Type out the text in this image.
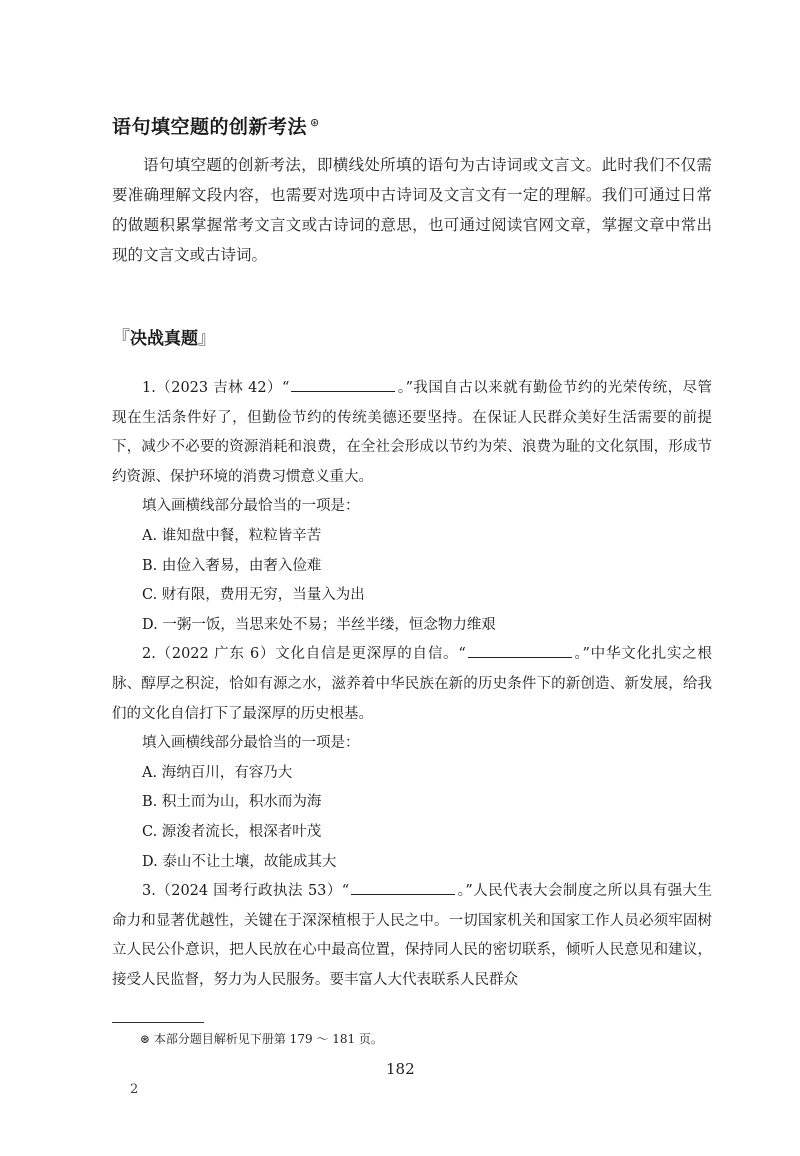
语句填空题的创新考法 ⊛

语句填空题的创新考法，即横线处所填的语句为古诗词或文言文。此时我们不仅需要准确理解文段内容，也需要对选项中古诗词及文言文有一定的理解。我们可通过日常的做题积累掌握常考文言文或古诗词的意思，也可通过阅读官网文章，掌握文章中常出现的文言文或古诗词。

『决战真题』

1.（2023 吉林 42）“	。”我国自古以来就有勤俭节约的光荣传统，尽管现在生活条件好了，但勤俭节约的传统美德还要坚持。在保证人民群众美好生活需要的前提下，减少不必要的资源消耗和浪费，在全社会形成以节约为荣、浪费为耻的文化氛围，形成节约资源、保护环境的消费习惯意义重大。

填入画横线部分最恰当的一项是：

A. 谁知盘中餐，粒粒皆辛苦

B. 由俭入奢易，由奢入俭难

C. 财有限，费用无穷，当量入为出

D. 一粥一饭，当思来处不易；半丝半缕，恒念物力维艰

2.（2022 广东 6）文化自信是更深厚的自信。“	。”中华文化扎实之根脉、醇厚之积淀，恰如有源之水，滋养着中华民族在新的历史条件下的新创造、新发展，给我们的文化自信打下了最深厚的历史根基。

填入画横线部分最恰当的一项是：

A. 海纳百川，有容乃大

B. 积土而为山，积水而为海

C. 源浚者流长，根深者叶茂

D. 泰山不让土壤，故能成其大

3.（2024 国考行政执法 53）“	。”人民代表大会制度之所以具有强大生命力和显著优越性，关键在于深深植根于人民之中。一切国家机关和国家工作人员必须牢固树立人民公仆意识，把人民放在心中最高位置，保持同人民的密切联系，倾听人民意见和建议，接受人民监督，努力为人民服务。要丰富人大代表联系人民群众

⊛ 本部分题目解析见下册第 179 ～ 181 页。
182
2
